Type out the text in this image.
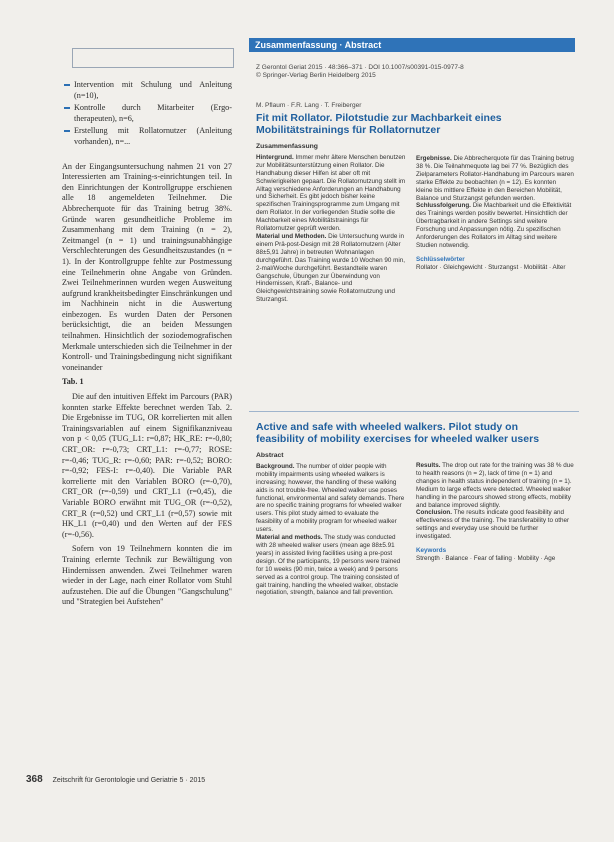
Intervention mit Schulung und Anleitung (n=10),
Kontrolle durch Mitarbeiter (Ergo- therapeuten), n=6,
Erstellung mit Rollatornutzer (Anleitung vorhanden), n=...

An der Eingangsuntersuchung nahmen 21 von 27 Interessierten am Training-s-einrichtungen teil. In den Einrichtungen der Kontrollgruppe erschienen alle 18 angemeldeten Teilnehmer. Die Abbrecherquote für das Training betrug 38%. Gründe waren gesundheitliche Probleme im Zusammenhang mit dem Training (n = 2), Zeitmangel (n = 1) und trainingsunabhängige Verschlechterungen des Gesundheitszustandes (n = 1). In der Kontrollgruppe fehlte zur Postmessung eine Teilnehmerin ohne Angabe von Gründen. Zwei Teilnehmerinnen wurden wegen Ausweitung aufgrund krankheitsbedingter Einschränkungen und im Nachhinein nicht in die Auswertung einbezogen. Es wurden Daten der Personen berücksichtigt, die an beiden Messungen teilnahmen. Hinsichtlich der soziodemografischen Merkmale unterschieden sich die Teilnehmer in der Kontroll- und Trainingsbedingung nicht signifikant voneinander

Tab. 1

Die auf den intuitiven Effekt im Parcours (PAR) konnten starke Effekte berechnet werden Tab. 2. Die Ergebnisse im TUG, OR korrelierten mit allen Trainingsvariablen auf einem Signifikanzniveau von p < 0,05 (TUG_L1: r=0,87; HK_RE: r=-0,80; CRT_OR: r=-0,73; CRT_L1: r=-0,77; ROSE: r=-0,46; TUG_R: r=-0,60; PAR: r=-0,52; BORO: r=-0,92; FES-I: r=-0,40). Die Variable PAR korrelierte mit den Variablen BORO (r=-0,70), CRT_OR (r=-0,59) und CRT_L1 (r=0,45), die Variable BORO erwähnt mit TUG_OR (r=-0,52), CRT_R (r=0,52) und CRT_L1 (r=0,57) sowie mit HK_L1 (r=0,40) und den Werten auf der FES (r=-0,56).

Sofern von 19 Teilnehmern konnten die im Training erlernte Technik zur Bewältigung von Hindernissen anwenden. Zwei Teilnehmer waren wieder in der Lage, nach einer Rollator vom Stuhl aufzustehen. Die auf die Übungen "Gangschulung" und "Strategien bei Aufstehen"

Zusammenfassung · Abstract
Z Gerontol Geriat 2015 · 48:366–371 · DOI 10.1007/s00391-015-0977-8
© Springer-Verlag Berlin Heidelberg 2015
M. Pflaum · F.R. Lang · T. Freiberger
Fit mit Rollator. Pilotstudie zur Machbarkeit eines Mobilitätstrainings für Rollatornutzer
Zusammenfassung
Hintergrund. Immer mehr ältere Menschen benutzen zur Mobilitätsunterstützung einen Rollator. Die Handhabung dieser Hilfen ist aber oft mit Schwierigkeiten gepaart. Die Rollatornutzung stellt im Alltag verschiedene Anforderungen an Handhabung und Sicherheit. Es gibt jedoch bisher keine spezifischen Trainingsprogramme zum Umgang mit dem Rollator. In der vorliegenden Studie sollte die Machbarkeit eines Mobilitätstrainings für Rollatornutzer geprüft werden.
Material und Methoden. Die Untersuchung wurde in einem Prä-post-Design mit 28 Rollatornutzern (Alter 88±5,91 Jahre) in betreuten Wohnanlagen durchgeführt. Das Training wurde 10 Wochen 90 min, 2-mal/Woche durchgeführt. Bestandteile waren Gangschule, Übungen zur Überwindung von Hindernissen, Kraft-, Balance- und Gleichgewichtstraining sowie Rollatornutzung und Sturzangst.
Ergebnisse. Die Abbrecherquote für das Training betrug 38 %. Die Teilnahmequote lag bei 77 %. Bezüglich des Zielparameters Rollator-Handhabung im Parcours waren starke Effekte zu beobachten (n = 12). Es konnten kleine bis mittlere Effekte in den Bereichen Mobilität, Balance und Sturzangst gefunden werden.
Schlussfolgerung. Die Machbarkeit und die Effektivität des Trainings werden positiv bewertet. Hinsichtlich der Übertragbarkeit in andere Settings sind weitere Forschung und Anpassungen nötig. Zu spezifischen Anforderungen des Rollators im Alltag sind weitere Studien notwendig.
Schlüsselwörter
Rollator · Gleichgewicht · Sturzangst · Mobilität · Alter
Active and safe with wheeled walkers. Pilot study on feasibility of mobility exercises for wheeled walker users
Abstract
Background. The number of older people with mobility impairments using wheeled walkers is increasing; however, the handling of these walking aids is not trouble-free. Wheeled walker use poses functional, environmental and safety demands. There are no specific training programs for wheeled walker users. This pilot study aimed to evaluate the feasibility of a mobility program for wheeled walker users.
Material and methods. The study was conducted with 28 wheeled walker users (mean age 88±5.91 years) in assisted living facilities using a pre-post design. Of the participants, 19 persons were trained for 10 weeks (90 min, twice a week) and 9 persons served as a control group. The training consisted of gait training, handling the wheeled walker, obstacle negotiation, strength, balance and fall prevention.
Results. The drop out rate for the training was 38 % due to health reasons (n = 2), lack of time (n = 1) and changes in health status independent of training (n = 1). Medium to large effects were detected. Wheeled walker handling in the parcours showed strong effects, mobility and balance improved slightly.
Conclusion. The results indicate good feasibility and effectiveness of the training. The transferability to other settings and everyday use should be further investigated.
Keywords
Strength · Balance · Fear of falling · Mobility · Age
368 Zeitschrift für Gerontologie und Geriatrie 5 · 2015
